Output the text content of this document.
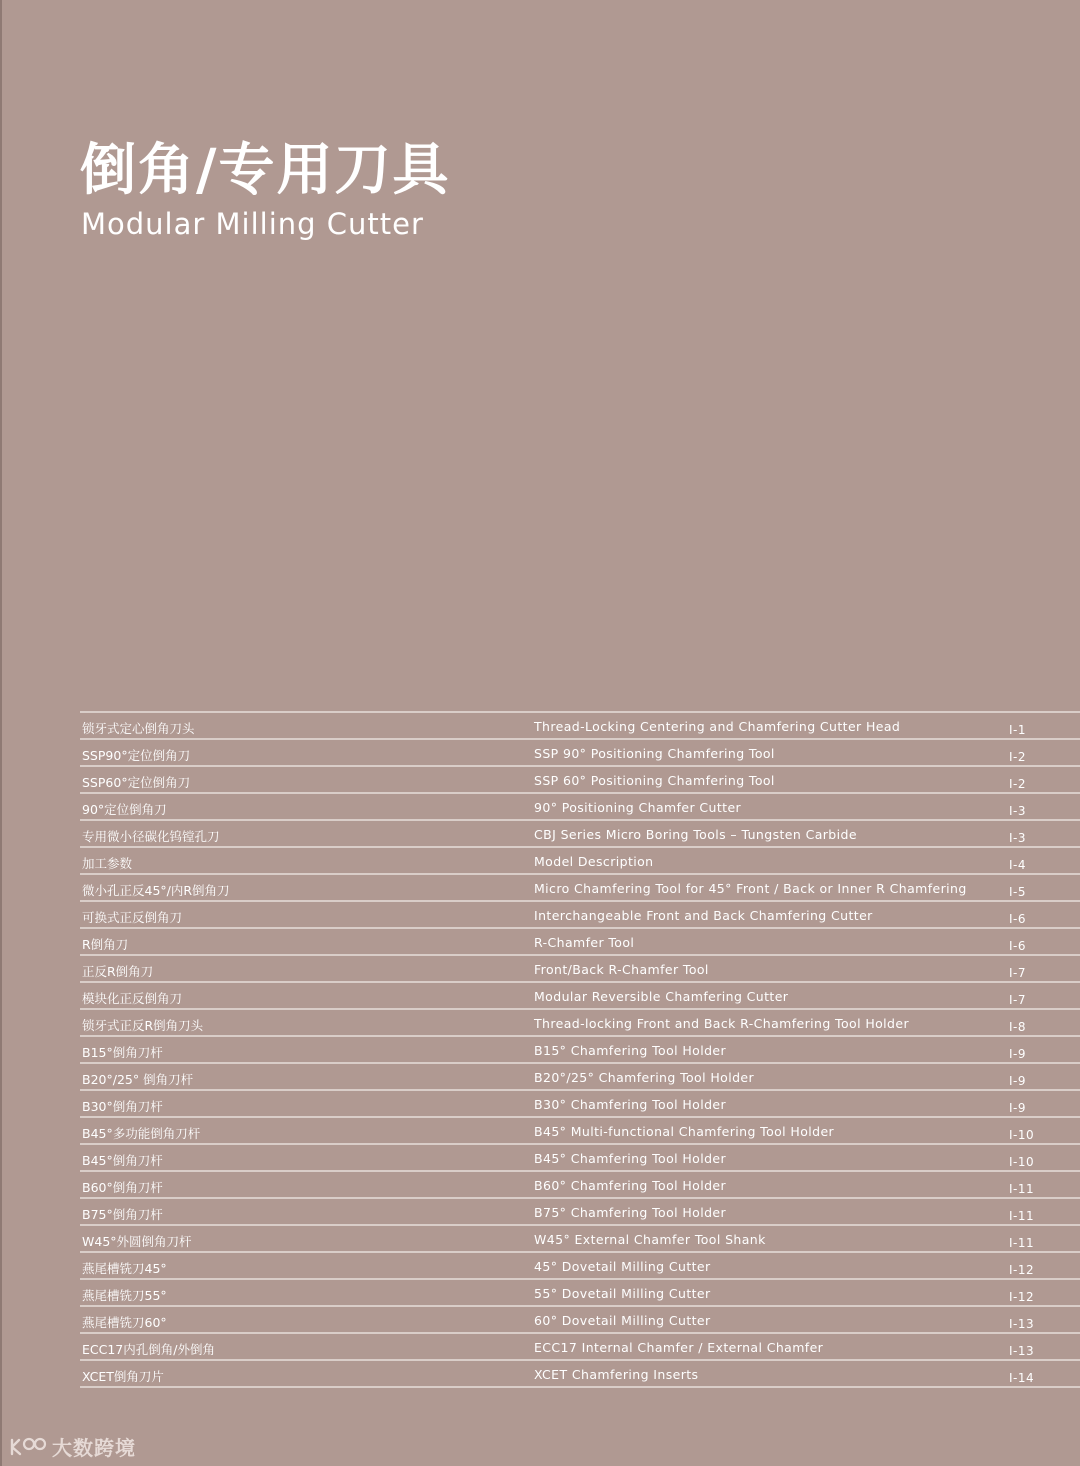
倒角/专用刀具
Modular Milling Cutter
锁牙式定心倒角刀头	Thread-Locking Centering and Chamfering Cutter Head	I-1
SSP90°定位倒角刀	SSP 90° Positioning Chamfering Tool	I-2
SSP60°定位倒角刀	SSP 60° Positioning Chamfering Tool	I-2
90°定位倒角刀	90° Positioning Chamfer Cutter	I-3
专用微小径碳化钨镗孔刀	CBJ Series Micro Boring Tools – Tungsten Carbide	I-3
加工参数	Model Description	I-4
微小孔正反45°/内R倒角刀	Micro Chamfering Tool for 45° Front / Back or Inner R Chamfering	I-5
可换式正反倒角刀	Interchangeable Front and Back Chamfering Cutter	I-6
R倒角刀	R-Chamfer Tool	I-6
正反R倒角刀	Front/Back R-Chamfer Tool	I-7
模块化正反倒角刀	Modular Reversible Chamfering Cutter	I-7
锁牙式正反R倒角刀头	Thread-locking Front and Back R-Chamfering Tool Holder	I-8
B15°倒角刀杆	B15° Chamfering Tool Holder	I-9
B20°/25° 倒角刀杆	B20°/25° Chamfering Tool Holder	I-9
B30°倒角刀杆	B30° Chamfering Tool Holder	I-9
B45°多功能倒角刀杆	B45° Multi-functional Chamfering Tool Holder	I-10
B45°倒角刀杆	B45° Chamfering Tool Holder	I-10
B60°倒角刀杆	B60° Chamfering Tool Holder	I-11
B75°倒角刀杆	B75° Chamfering Tool Holder	I-11
W45°外圆倒角刀杆	W45° External Chamfer Tool Shank	I-11
燕尾槽铣刀45°	45° Dovetail Milling Cutter	I-12
燕尾槽铣刀55°	55° Dovetail Milling Cutter	I-12
燕尾槽铣刀60°	60° Dovetail Milling Cutter	I-13
ECC17内孔倒角/外倒角	ECC17 Internal Chamfer / External Chamfer	I-13
XCET倒角刀片	XCET Chamfering Inserts	I-14
大数跨境
